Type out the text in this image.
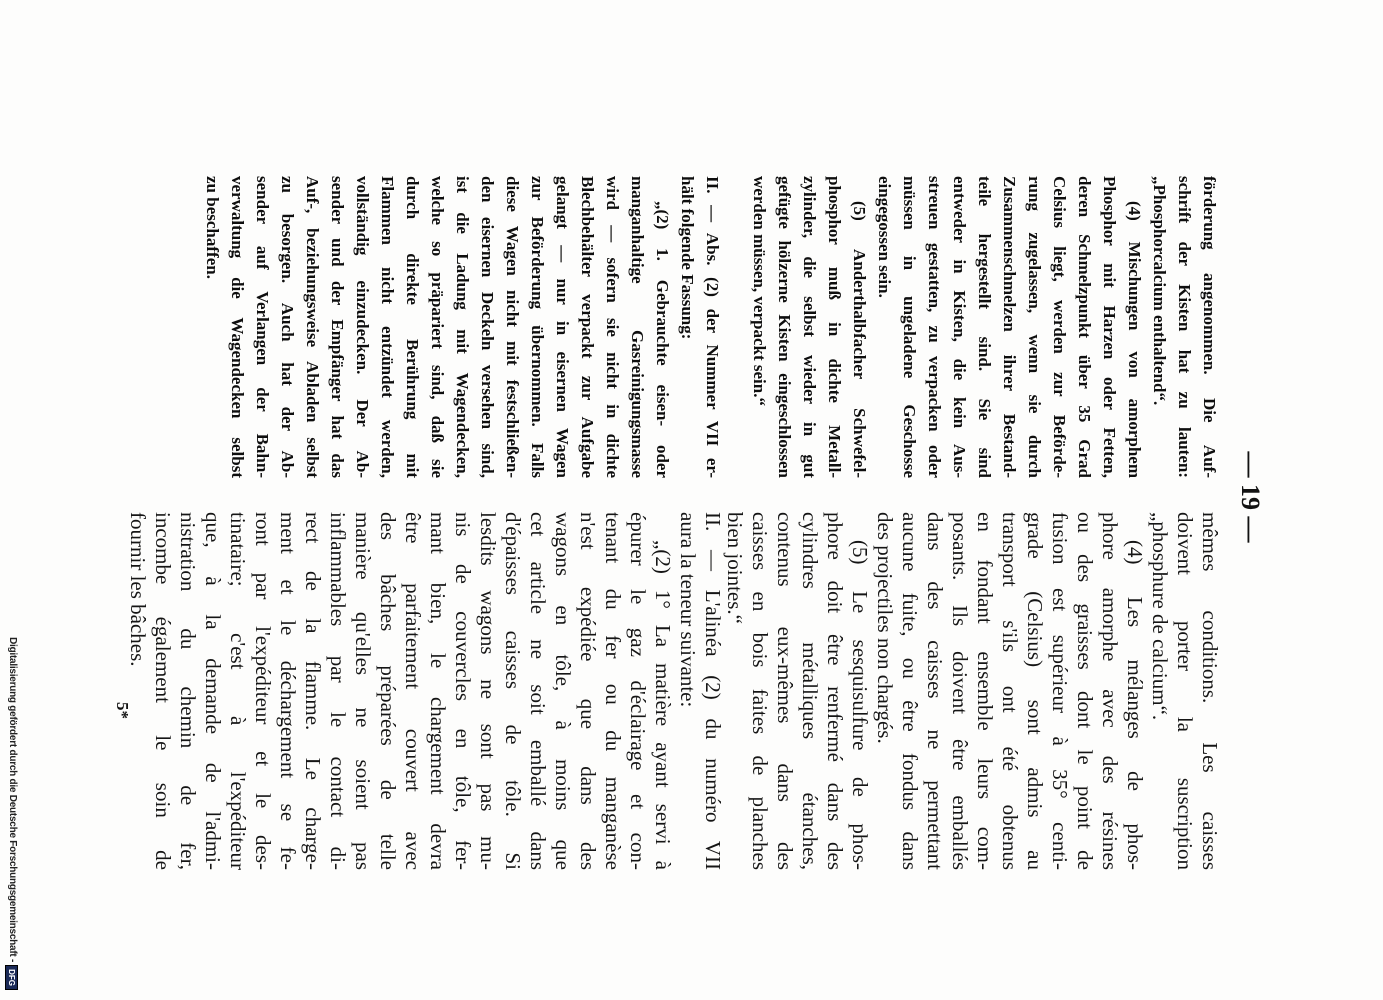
— 19 —
förderung angenommen. Die Auf-
schrift der Kisten hat zu lauten:
„Phosphorcalcium enthaltend“.
(4) Mischungen von amorphem
Phosphor mit Harzen oder Fetten,
deren Schmelzpunkt über 35 Grad
Celsius liegt, werden zur Beförde-
rung zugelassen, wenn sie durch
Zusammenschmelzen ihrer Bestand-
teile hergestellt sind. Sie sind
entweder in Kisten, die kein Aus-
streuen gestatten, zu verpacken oder
müssen in ungeladene Geschosse
eingegossen sein.
(5) Anderthalbfacher Schwefel-
phosphor muß in dichte Metall-
zylinder, die selbst wieder in gut
gefügte hölzerne Kisten eingeschlossen
werden müssen, verpackt sein.“
II. — Abs. (2) der Nummer VII er-
hält folgende Fassung:
„(2) 1. Gebrauchte eisen- oder
manganhaltige Gasreinigungsmasse
wird — sofern sie nicht in dichte
Blechbehälter verpackt zur Aufgabe
gelangt — nur in eisernen Wagen
zur Beförderung übernommen. Falls
diese Wagen nicht mit festschließen-
den eisernen Deckeln versehen sind,
ist die Ladung mit Wagendecken,
welche so präpariert sind, daß sie
durch direkte Berührung mit
Flammen nicht entzündet werden,
vollständig einzudecken. Der Ab-
sender und der Empfänger hat das
Auf-, beziehungsweise Abladen selbst
zu besorgen. Auch hat der Ab-
sender auf Verlangen der Bahn-
verwaltung die Wagendecken selbst
zu beschaffen.
mêmes conditions. Les caisses
doivent porter la suscription
„phosphure de calcium“.
(4) Les mélanges de phos-
phore amorphe avec des résines
ou des graisses dont le point de
fusion est supérieur à 35° centi-
grade (Celsius) sont admis au
transport s'ils ont été obtenus
en fondant ensemble leurs com-
posants. Ils doivent être emballés
dans des caisses ne permettant
aucune fuite, ou être fondus dans
des projectiles non chargés.
(5) Le sesquisulfure de phos-
phore doit être renfermé dans des
cylindres métalliques étanches,
contenus eux-mêmes dans des
caisses en bois faites de planches
bien jointes.“
II. — L'alinéa (2) du numéro VII
aura la teneur suivante:
„(2) 1° La matière ayant servi à
épurer le gaz d'éclairage et con-
tenant du fer ou du manganèse
n'est expédiée que dans des
wagons en tôle, à moins que
cet article ne soit emballé dans
d'épaisses caisses de tôle. Si
lesdits wagons ne sont pas mu-
nis de couvercles en tôle, fer-
mant bien, le chargement devra
être parfaitement couvert avec
des bâches préparées de telle
manière qu'elles ne soient pas
inflammables par le contact di-
rect de la flamme. Le charge-
ment et le déchargement se fe-
ront par l'expéditeur et le des-
tinataire; c'est à l'expéditeur
que, à la demande de l'admi-
nistration du chemin de fer,
incombe également le soin de
fournir les bâches.
5*
Digitalisierung gefördert durch die Deutsche Forschungsgemeinschaft -
DFG
